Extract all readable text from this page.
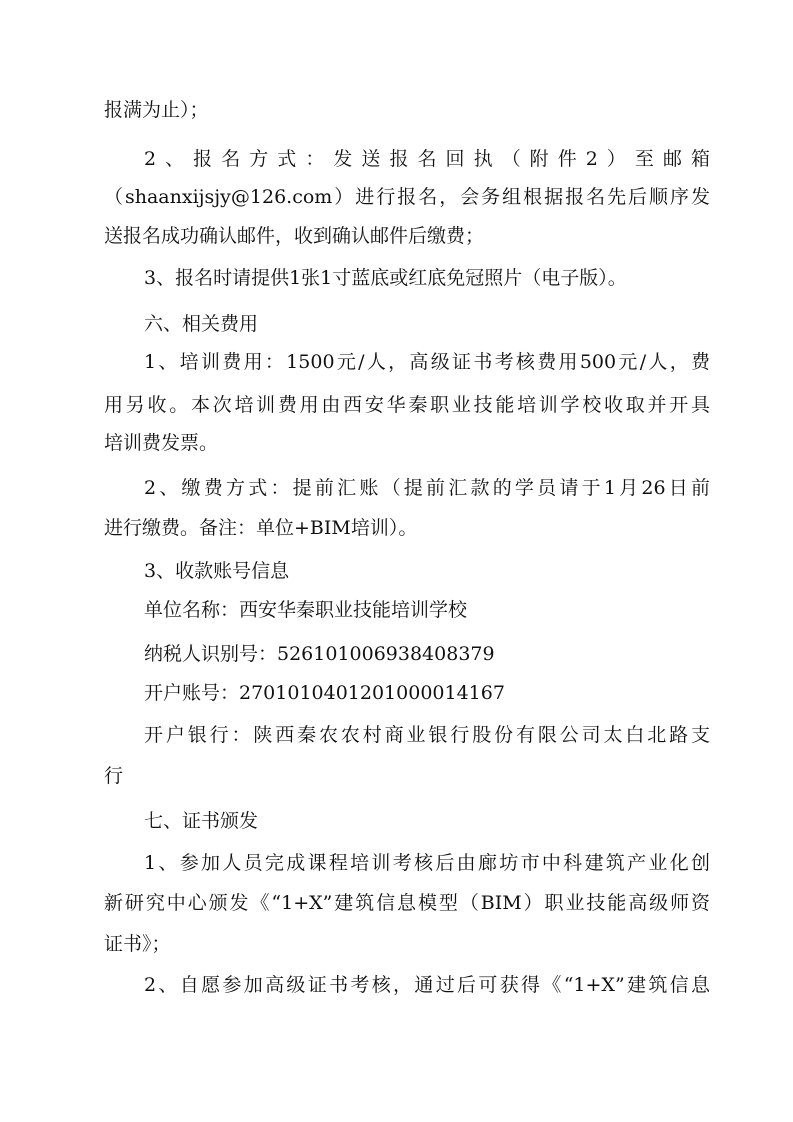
报满为止）；
2、报名方式：发送报名回执（附件2）至邮箱
（shaanxijsjy@126.com）进行报名，会务组根据报名先后顺序发
送报名成功确认邮件，收到确认邮件后缴费；
3、报名时请提供1张1寸蓝底或红底免冠照片（电子版）。
六、相关费用
1、培训费用：1500元/人，高级证书考核费用500元/人，费
用另收。本次培训费用由西安华秦职业技能培训学校收取并开具
培训费发票。
2、缴费方式：提前汇账（提前汇款的学员请于1月26日前
进行缴费。备注：单位+BIM培训）。
3、收款账号信息
单位名称：西安华秦职业技能培训学校
纳税人识别号：526101006938408379
开户账号：2701010401201000014167
开户银行：陕西秦农农村商业银行股份有限公司太白北路支
行
七、证书颁发
1、参加人员完成课程培训考核后由廊坊市中科建筑产业化创
新研究中心颁发《“1+X”建筑信息模型（BIM）职业技能高级师资
证书》；
2、自愿参加高级证书考核，通过后可获得《“1+X”建筑信息
